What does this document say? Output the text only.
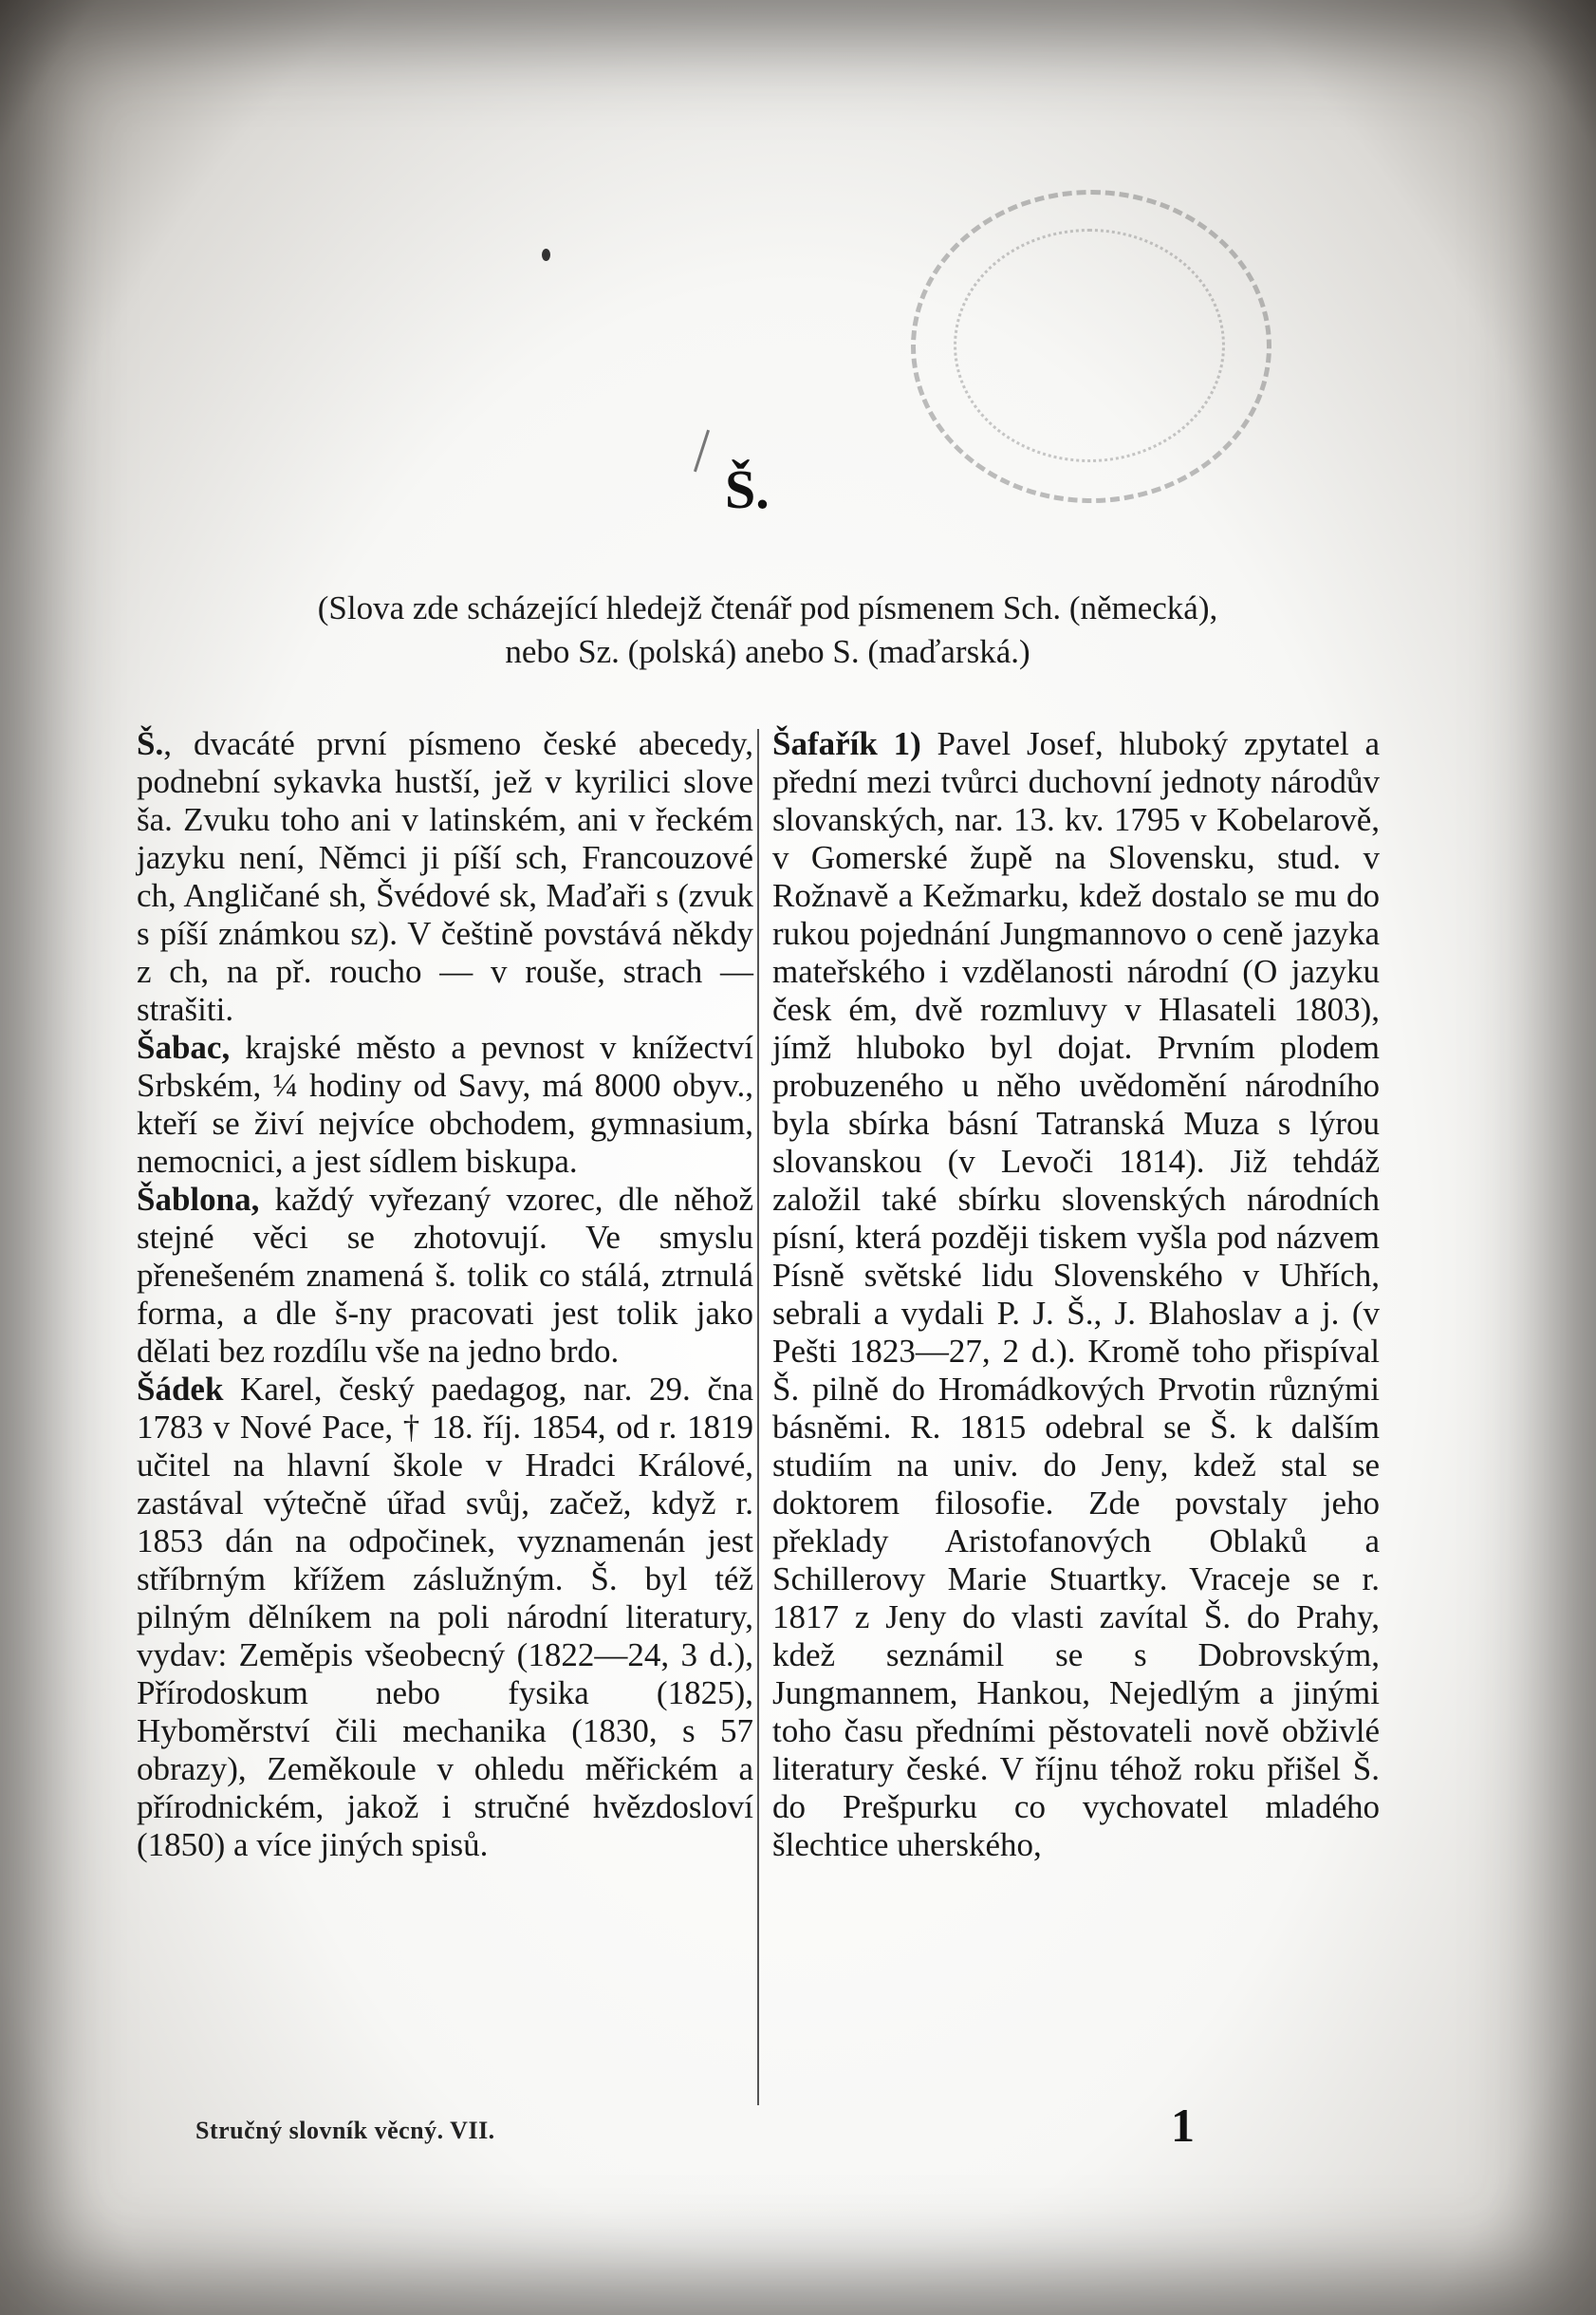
Š.
(Slova zde scházející hledejž čtenář pod písmenem Sch. (německá),
nebo Sz. (polská) anebo S. (maďarská.)

Š., dvacáté první písmeno české abecedy, podnební sykavka hustší, jež v kyrilici slove ša. Zvuku toho ani v latinském, ani v řeckém jazyku není, Němci ji píší sch, Francouzové ch, Angličané sh, Švédové sk, Maďaři s (zvuk s píší známkou sz). V češtině povstává někdy z ch, na př. roucho — v rouše, strach — strašiti.

Šabac, krajské město a pevnost v knížectví Srbském, ¼ hodiny od Savy, má 8000 obyv., kteří se živí nejvíce obchodem, gymnasium, nemocnici, a jest sídlem biskupa.

Šablona, každý vyřezaný vzorec, dle něhož stejné věci se zhotovují. Ve smyslu přenešeném znamená š. tolik co stálá, ztrnulá forma, a dle š-ny pracovati jest tolik jako dělati bez rozdílu vše na jedno brdo.

Šádek Karel, český paedagog, nar. 29. čna 1783 v Nové Pace, † 18. říj. 1854, od r. 1819 učitel na hlavní škole v Hradci Králové, zastával výtečně úřad svůj, začež, když r. 1853 dán na odpočinek, vyznamenán jest stříbrným křížem záslužným. Š. byl též pilným dělníkem na poli národní literatury, vydav: Zeměpis všeobecný (1822—24, 3 d.), Přírodoskum nebo fysika (1825), Hyboměrství čili mechanika (1830, s 57 obrazy), Zeměkoule v ohledu měřickém a přírodnickém, jakož i stručné hvězdosloví (1850) a více jiných spisů.

Šafařík 1) Pavel Josef, hluboký zpytatel a přední mezi tvůrci duchovní jednoty národův slovanských, nar. 13. kv. 1795 v Kobelarově, v Gomerské župě na Slovensku, stud. v Rožnavě a Kežmarku, kdež dostalo se mu do rukou pojednání Jungmannovo o ceně jazyka mateřského i vzdělanosti národní (O jazyku česk ém, dvě rozmluvy v Hlasateli 1803), jímž hluboko byl dojat. Prvním plodem probuzeného u něho uvědomění národního byla sbírka básní Tatranská Muza s lýrou slovanskou (v Levoči 1814). Již tehdáž založil také sbírku slovenských národních písní, která později tiskem vyšla pod názvem Písně světské lidu Slovenského v Uhřích, sebrali a vydali P. J. Š., J. Blahoslav a j. (v Pešti 1823—27, 2 d.). Kromě toho přispíval Š. pilně do Hromádkových Prvotin různými básněmi. R. 1815 odebral se Š. k dalším studiím na univ. do Jeny, kdež stal se doktorem filosofie. Zde povstaly jeho překlady Aristofanových Oblaků a Schillerovy Marie Stuartky. Vraceje se r. 1817 z Jeny do vlasti zavítal Š. do Prahy, kdež seznámil se s Dobrovským, Jungmannem, Hankou, Nejedlým a jinými toho času předními pěstovateli nově obživlé literatury české. V říjnu téhož roku přišel Š. do Prešpurku co vychovatel mladého šlechtice uherského,

Stručný slovník věcný. VII.	1
